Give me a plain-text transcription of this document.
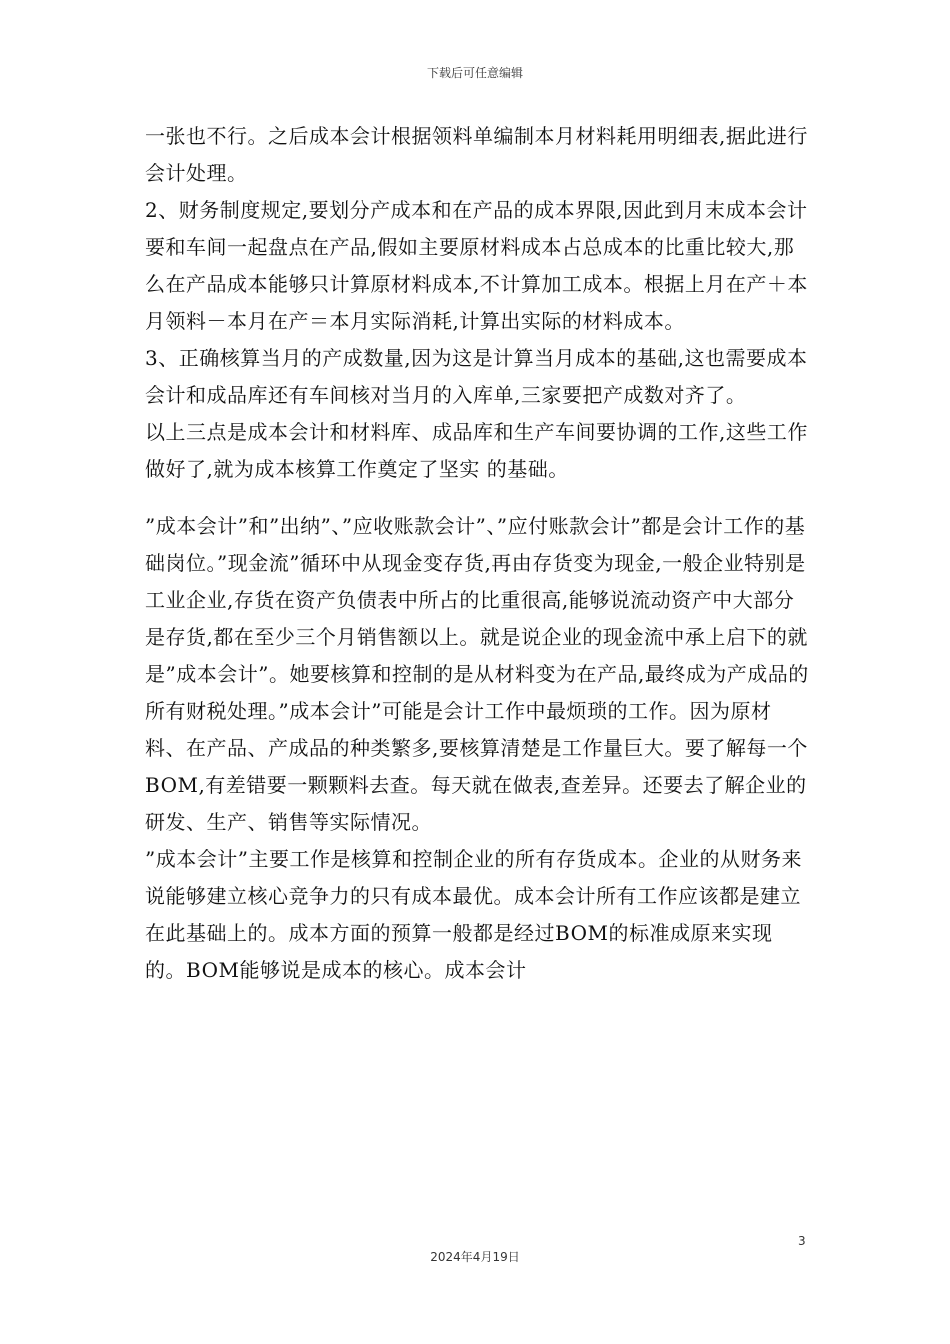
下载后可任意编辑

一张也不行。之后成本会计根据领料单编制本月材料耗用明细表,据此进行会计处理。

2、财务制度规定,要划分产成本和在产品的成本界限,因此到月末成本会计要和车间一起盘点在产品,假如主要原材料成本占总成本的比重比较大,那么在产品成本能够只计算原材料成本,不计算加工成本。根据上月在产＋本月领料－本月在产＝本月实际消耗,计算出实际的材料成本。

3、正确核算当月的产成数量,因为这是计算当月成本的基础,这也需要成本会计和成品库还有车间核对当月的入库单,三家要把产成数对齐了。

以上三点是成本会计和材料库、成品库和生产车间要协调的工作,这些工作做好了,就为成本核算工作奠定了坚实 的基础。

”成本会计”和”出纳”、”应收账款会计”、”应付账款会计”都是会计工作的基础岗位。”现金流”循环中从现金变存货,再由存货变为现金,一般企业特别是工业企业,存货在资产负债表中所占的比重很高,能够说流动资产中大部分是存货,都在至少三个月销售额以上。就是说企业的现金流中承上启下的就是”成本会计”。她要核算和控制的是从材料变为在产品,最终成为产成品的所有财税处理。”成本会计”可能是会计工作中最烦琐的工作。因为原材料、在产品、产成品的种类繁多,要核算清楚是工作量巨大。要了解每一个BOM,有差错要一颗颗料去查。每天就在做表,查差异。还要去了解企业的研发、生产、销售等实际情况。

”成本会计”主要工作是核算和控制企业的所有存货成本。企业的从财务来说能够建立核心竞争力的只有成本最优。成本会计所有工作应该都是建立在此基础上的。成本方面的预算一般都是经过BOM的标准成原来实现的。BOM能够说是成本的核心。成本会计

3
2024年4月19日
